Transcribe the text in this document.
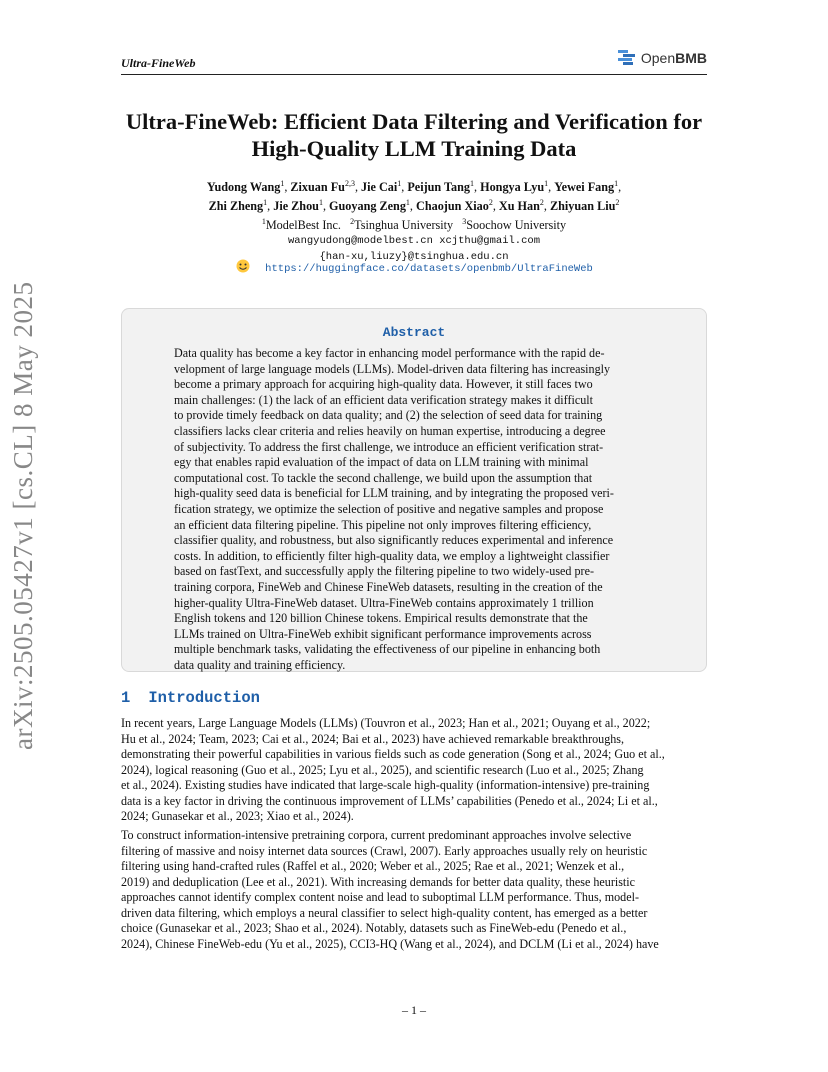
Ultra-FineWeb	OpenBMB
arXiv:2505.05427v1 [cs.CL] 8 May 2025
Ultra-FineWeb: Efficient Data Filtering and Verification for
High-Quality LLM Training Data
Yudong Wang$^1$, Zixuan Fu$^{2,3}$, Jie Cai$^1$, Peijun Tang$^1$, Hongya Lyu$^1$, Yewei Fang$^1$,
Zhi Zheng$^1$, Jie Zhou$^1$, Guoyang Zeng$^1$, Chaojun Xiao$^2$, Xu Han$^2$, Zhiyuan Liu$^2$
$^1$ModelBest Inc. $^2$Tsinghua University $^3$Soochow University
wangyudong@modelbest.cn xcjthu@gmail.com
{han-xu,liuzy}@tsinghua.edu.cn
https://huggingface.co/datasets/openbmb/UltraFineWeb
Abstract
Data quality has become a key factor in enhancing model performance with the rapid de-
velopment of large language models (LLMs). Model-driven data filtering has increasingly
become a primary approach for acquiring high-quality data. However, it still faces two
main challenges: (1) the lack of an efficient data verification strategy makes it difficult
to provide timely feedback on data quality; and (2) the selection of seed data for training
classifiers lacks clear criteria and relies heavily on human expertise, introducing a degree
of subjectivity. To address the first challenge, we introduce an efficient verification strat-
egy that enables rapid evaluation of the impact of data on LLM training with minimal
computational cost. To tackle the second challenge, we build upon the assumption that
high-quality seed data is beneficial for LLM training, and by integrating the proposed veri-
fication strategy, we optimize the selection of positive and negative samples and propose
an efficient data filtering pipeline. This pipeline not only improves filtering efficiency,
classifier quality, and robustness, but also significantly reduces experimental and inference
costs. In addition, to efficiently filter high-quality data, we employ a lightweight classifier
based on fastText, and successfully apply the filtering pipeline to two widely-used pre-
training corpora, FineWeb and Chinese FineWeb datasets, resulting in the creation of the
higher-quality Ultra-FineWeb dataset. Ultra-FineWeb contains approximately 1 trillion
English tokens and 120 billion Chinese tokens. Empirical results demonstrate that the
LLMs trained on Ultra-FineWeb exhibit significant performance improvements across
multiple benchmark tasks, validating the effectiveness of our pipeline in enhancing both
data quality and training efficiency.
1 Introduction
In recent years, Large Language Models (LLMs) (Touvron et al., 2023; Han et al., 2021; Ouyang et al., 2022;
Hu et al., 2024; Team, 2023; Cai et al., 2024; Bai et al., 2023) have achieved remarkable breakthroughs,
demonstrating their powerful capabilities in various fields such as code generation (Song et al., 2024; Guo et al.,
2024), logical reasoning (Guo et al., 2025; Lyu et al., 2025), and scientific research (Luo et al., 2025; Zhang
et al., 2024). Existing studies have indicated that large-scale high-quality (information-intensive) pre-training
data is a key factor in driving the continuous improvement of LLMs’ capabilities (Penedo et al., 2024; Li et al.,
2024; Gunasekar et al., 2023; Xiao et al., 2024).
To construct information-intensive pretraining corpora, current predominant approaches involve selective
filtering of massive and noisy internet data sources (Crawl, 2007). Early approaches usually rely on heuristic
filtering using hand-crafted rules (Raffel et al., 2020; Weber et al., 2025; Rae et al., 2021; Wenzek et al.,
2019) and deduplication (Lee et al., 2021). With increasing demands for better data quality, these heuristic
approaches cannot identify complex content noise and lead to suboptimal LLM performance. Thus, model-
driven data filtering, which employs a neural classifier to select high-quality content, has emerged as a better
choice (Gunasekar et al., 2023; Shao et al., 2024). Notably, datasets such as FineWeb-edu (Penedo et al.,
2024), Chinese FineWeb-edu (Yu et al., 2025), CCI3-HQ (Wang et al., 2024), and DCLM (Li et al., 2024) have
– 1 –
